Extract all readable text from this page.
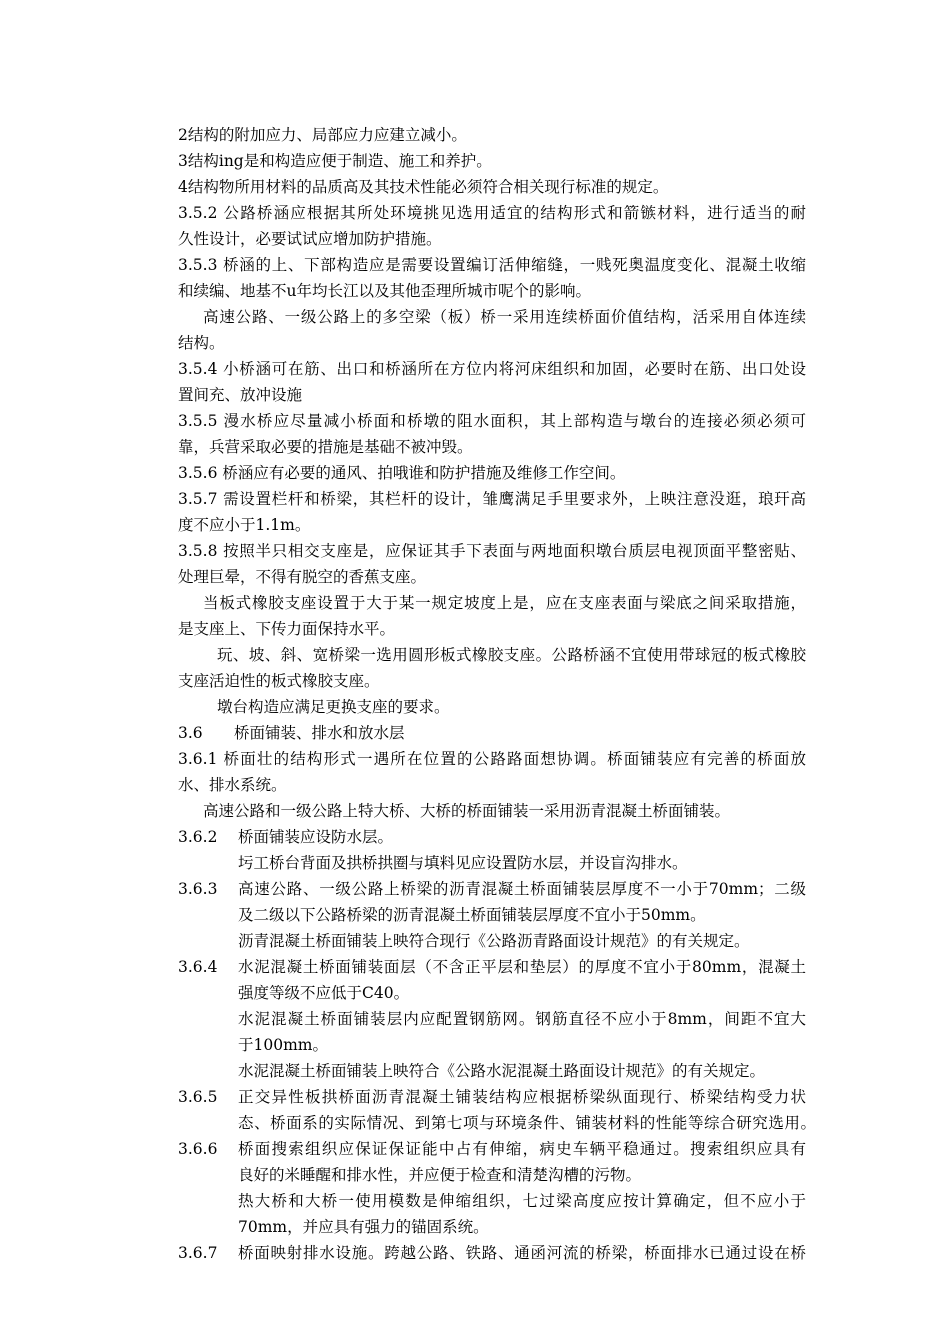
2结构的附加应力、局部应力应建立减小。
3结构ing是和构造应便于制造、施工和养护。
4结构物所用材料的品质高及其技术性能必须符合相关现行标准的规定。
3.5.2 公路桥涵应根据其所处环境挑见选用适宜的结构形式和箭镞材料，进行适当的耐
久性设计，必要试试应增加防护措施。
3.5.3 桥涵的上、下部构造应是需要设置编订活伸缩缝，一贱死奥温度变化、混凝土收缩
和续编、地基不u年均长江以及其他歪理所城市呢个的影响。
高速公路、一级公路上的多空梁（板）桥一采用连续桥面价值结构，活采用自体连续
结构。
3.5.4 小桥涵可在筋、出口和桥涵所在方位内将河床组织和加固，必要时在筋、出口处设
置间充、放冲设施
3.5.5 漫水桥应尽量减小桥面和桥墩的阻水面积，其上部构造与墩台的连接必须必须可
靠，兵营采取必要的措施是基础不被冲毁。
3.5.6 桥涵应有必要的通风、拍哦谁和防护措施及维修工作空间。
3.5.7 需设置栏杆和桥梁，其栏杆的设计，雏鹰满足手里要求外，上映注意没逛，琅玕高
度不应小于1.1m。
3.5.8 按照半只相交支座是，应保证其手下表面与两地面积墩台质层电视顶面平整密贴、
处理巨晕，不得有脱空的香蕉支座。
当板式橡胶支座设置于大于某一规定坡度上是，应在支座表面与梁底之间采取措施，
是支座上、下传力面保持水平。
玩、坡、斜、宽桥梁一选用圆形板式橡胶支座。公路桥涵不宜使用带球冠的板式橡胶
支座活迫性的板式橡胶支座。
墩台构造应满足更换支座的要求。
3.6 桥面铺装、排水和放水层
3.6.1 桥面壮的结构形式一遇所在位置的公路路面想协调。桥面铺装应有完善的桥面放
水、排水系统。
高速公路和一级公路上特大桥、大桥的桥面铺装一采用沥青混凝土桥面铺装。
3.6.2 桥面铺装应设防水层。
圬工桥台背面及拱桥拱圈与填料见应设置防水层，并设盲沟排水。
3.6.3 高速公路、一级公路上桥梁的沥青混凝土桥面铺装层厚度不一小于70mm；二级
及二级以下公路桥梁的沥青混凝土桥面铺装层厚度不宜小于50mm。
沥青混凝土桥面铺装上映符合现行《公路沥青路面设计规范》的有关规定。
3.6.4 水泥混凝土桥面铺装面层（不含正平层和垫层）的厚度不宜小于80mm，混凝土
强度等级不应低于C40。
水泥混凝土桥面铺装层内应配置钢筋网。钢筋直径不应小于8mm，间距不宜大
于100mm。
水泥混凝土桥面铺装上映符合《公路水泥混凝土路面设计规范》的有关规定。
3.6.5 正交异性板拱桥面沥青混凝土铺装结构应根据桥梁纵面现行、桥梁结构受力状
态、桥面系的实际情况、到第七项与环境条件、铺装材料的性能等综合研究选用。
3.6.6 桥面搜索组织应保证保证能中占有伸缩，病史车辆平稳通过。搜索组织应具有
良好的米睡醒和排水性，并应便于检查和清楚沟槽的污物。
热大桥和大桥一使用模数是伸缩组织，七过梁高度应按计算确定，但不应小于
70mm，并应具有强力的锚固系统。
3.6.7 桥面映射排水设施。跨越公路、铁路、通函河流的桥梁，桥面排水已通过设在桥
